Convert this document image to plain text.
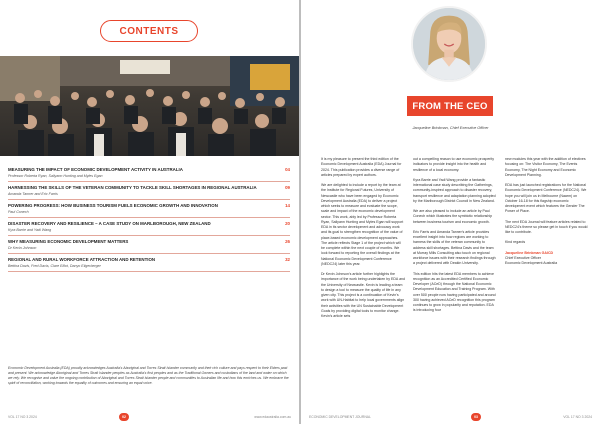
CONTENTS
MEASURING THE IMPACT OF ECONOMIC DEVELOPMENT ACTIVITY IN AUSTRALIA	04
Professor Roberta Ryan, Sallyann Hunting and Myles Egan
HARNESSING THE SKILLS OF THE VETERAN COMMUNITY TO TACKLE SKILL SHORTAGES IN REGIONAL AUSTRALIA	09
Amanda Tanner and Eric Farris
POWERING PROGRESS: HOW BUSINESS TOURISM FUELS ECONOMIC GROWTH AND INNOVATION	14
Paul Conech
DISASTER RECOVERY AND RESILIENCE – A CASE STUDY ON MARLBOROUGH, NEW ZEALAND	20
Kyra Barrie and Yadi Wang
WHY MEASURING ECONOMIC DEVELOPMENT MATTERS	26
Dr Kevin Johnson
REGIONAL AND RURAL WORKFORCE ATTRACTION AND RETENTION	32
Bettina Davis, Fred Davis, Clare Elliot, Danyo Eligerberger
Economic Development Australia (EDA) proudly acknowledges Australia's Aboriginal and Torres Strait Islander community and their rich culture and pays respect to their Elders past and present. We acknowledge Aboriginal and Torres Strait Islander peoples as Australia's first peoples and as the Traditional Owners and custodians of the land and water on which we rely. We recognise and value the ongoing contribution of Aboriginal and Torres Strait Islander people and communities to Australian life and how this enriches us. We embrace the spirit of reconciliation, working towards the equality of outcomes and ensuring an equal voice.
VOL 17 NO 3 2024	02	www.edaustralia.com.au
FROM THE CEO
Jacqueline Brinkman, Chief Executive Officer

It is my pleasure to present the third edition of the Economic Development Australia (EDA) Journal for 2024. This publication provides a diverse range of articles prepared by expert authors.

We are delighted to include a report by the team at the Institute for Regional Futures, University of Newcastle who have been engaged by Economic Development Australia (EDA) to deliver a project which seeks to measure and evaluate the scope, scale and impact of the economic development sector. This work, ably led by Professor Roberta Ryan, Sallyann Hunting and Myles Egan will support EDA in its sector development and advocacy work and its goal to strengthen recognition of the value of place-based economic development approaches. The article reflects Stage 1 of the project which will be complete within the next couple of months. We look forward to reporting the overall findings at the National Economic Development Conference (NEDC24) later this year.

Dr Kevin Johnson's article further highlights the importance of the work being undertaken by EDA and the University of Newcastle. Kevin is leading a team to design a tool to measure the quality of life in any given city. This project is a continuation of Kevin's work with UN-Habitat to help local governments align their activities with the UN Sustainable Development Goals by providing digital tools to monitor change. Kevin's article sets

out a compelling reason to use economic prosperity indicators to provide insight into the health and resilience of a local economy.

Kyra Barrie and Yadi Wang provide a fantastic international case study describing the Gatherings, community-inspired approach to disaster recovery, transport resilience and adaptation planning adopted by the Marlborough District Council in New Zealand.

We are also pleased to include an article by Paul Conech which illustrates the symbiotic relationship between business tourism and economic growth.

Eric Farris and Amanda Tanner's article provides excellent insight into how regions are working to harness the skills of the veteran community to address skill shortages. Bettina Davis and the team at Murray Mills Consulting also touch on regional workforce issues with their research findings through a project delivered with Deakin University.

This edition hits the latest EDA members to achieve recognition as an Accredited Certified Economic Developer (ACeD) through the National Economic Development Education and Training Program. With over 500 people now having participated and around 300 having achieved ACeD recognition this program continues to grow in popularity and reputation. EDA is introducing four

new modules this year with the addition of electives focusing on: The Visitor Economy, The Events Economy, The Night Economy and Economic Development Planning.

EDA has just launched registrations for the National Economic Development Conference (NEDC24). We hope you will join us in Melbourne (Naarm) on October 16-18 for this flagship economic development event which features the Gender The Power of Place.

The next EDA Journal will feature articles related to NEDC24's theme so please get in touch if you would like to contribute.

Kind regards

Jacqueline Brinkman GAICD

Chief Executive Officer

Economic Development Australia

ECONOMIC DEVELOPMENT JOURNAL	03	VOL 17 NO 3 2024
